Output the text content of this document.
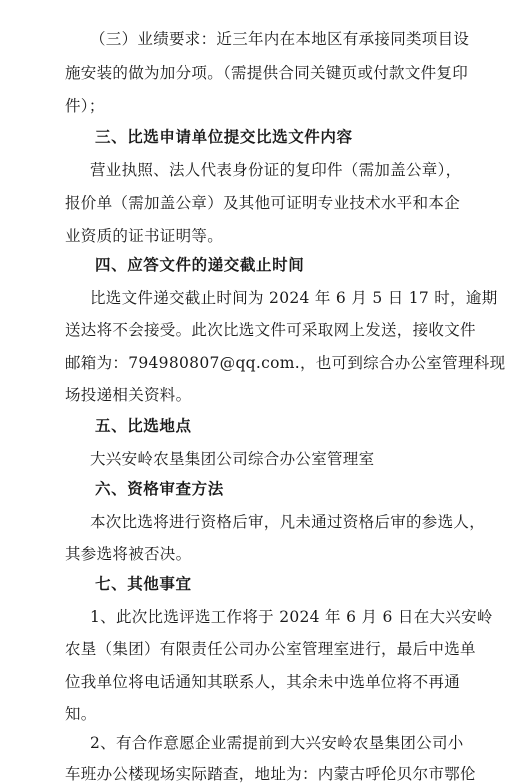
（三）业绩要求：近三年内在本地区有承接同类项目设
施安装的做为加分项。（需提供合同关键页或付款文件复印
件）；
三、比选申请单位提交比选文件内容
营业执照、法人代表身份证的复印件（需加盖公章），
报价单（需加盖公章）及其他可证明专业技术水平和本企
业资质的证书证明等。
四、应答文件的递交截止时间
比选文件递交截止时间为 2024 年 6 月 5 日 17 时，逾期
送达将不会接受。此次比选文件可采取网上发送，接收文件
邮箱为：794980807@qq.com.，也可到综合办公室管理科现
场投递相关资料。
五、比选地点
大兴安岭农垦集团公司综合办公室管理室
六、资格审查方法
本次比选将进行资格后审，凡未通过资格后审的参选人，
其参选将被否决。
七、其他事宜
1、此次比选评选工作将于 2024 年 6 月 6 日在大兴安岭
农垦（集团）有限责任公司办公室管理室进行，最后中选单
位我单位将电话通知其联系人，其余未中选单位将不再通
知。
2、有合作意愿企业需提前到大兴安岭农垦集团公司小
车班办公楼现场实际踏查，地址为：内蒙古呼伦贝尔市鄂伦
